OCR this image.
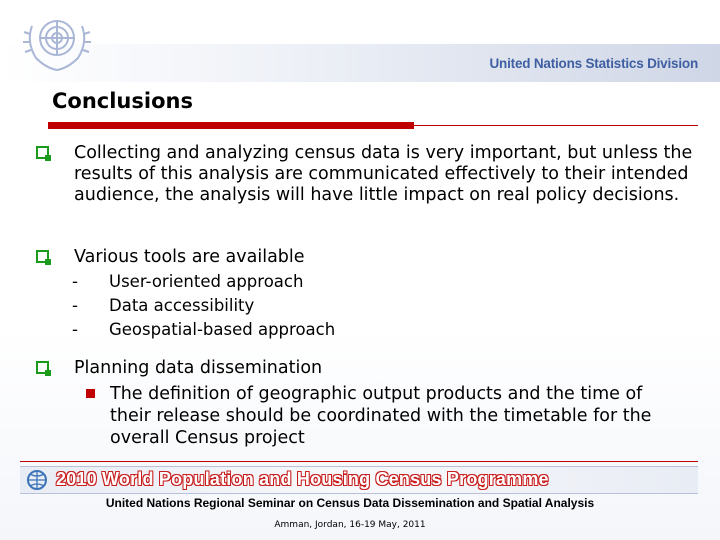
United Nations Statistics Division
Conclusions
Collecting and analyzing census data is very important, but unless the results of this analysis are communicated effectively to their intended audience, the analysis will have little impact on real policy decisions.
Various tools are available
- User-oriented approach
- Data accessibility
- Geospatial-based approach
Planning data dissemination
The definition of geographic output products and the time of their release should be coordinated with the timetable for the overall Census project
2010 World Population and Housing Census Programme
United Nations Regional Seminar on Census Data Dissemination and Spatial Analysis
Amman, Jordan, 16-19 May, 2011
